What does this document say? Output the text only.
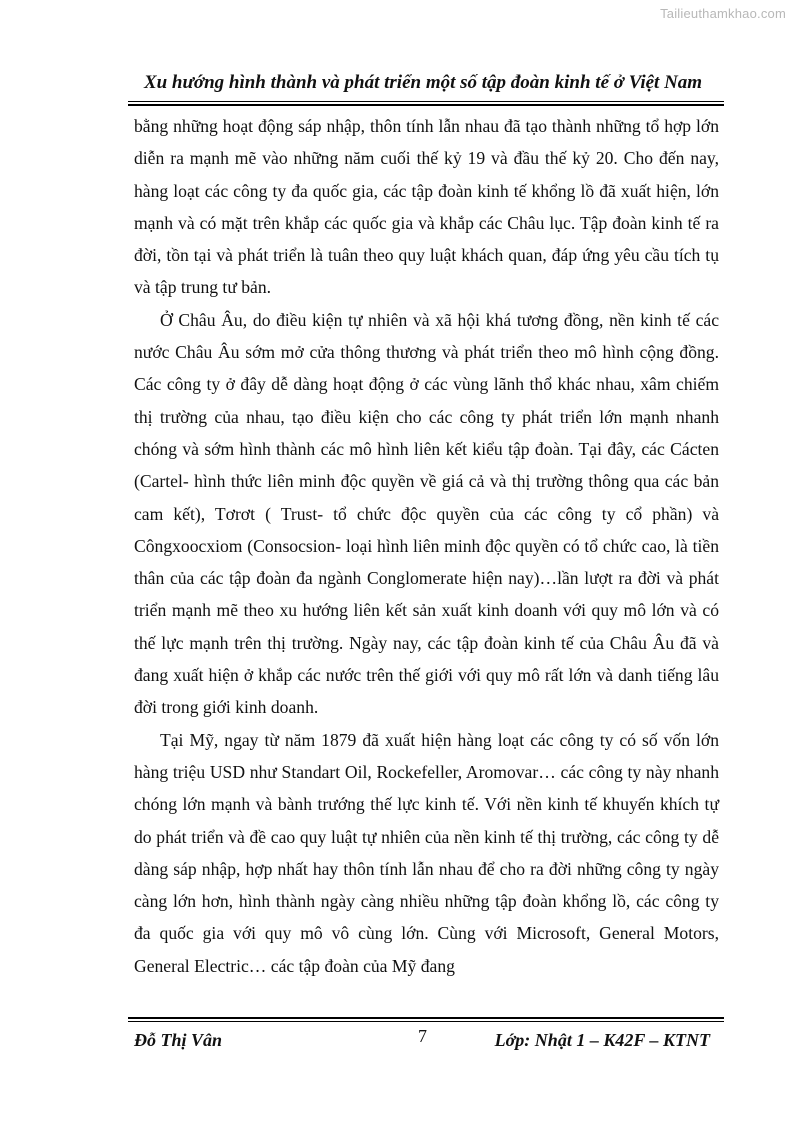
Tailieuthamkhao.com
Xu hướng hình thành và phát triển một số tập đoàn kinh tế ở Việt Nam

bằng những hoạt động sáp nhập, thôn tính lẫn nhau đã tạo thành những tổ hợp lớn diễn ra mạnh mẽ vào những năm cuối thế kỷ 19 và đầu thế kỷ 20. Cho đến nay, hàng loạt các công ty đa quốc gia, các tập đoàn kinh tế khổng lồ đã xuất hiện, lớn mạnh và có mặt trên khắp các quốc gia và khắp các Châu lục. Tập đoàn kinh tế ra đời, tồn tại và phát triển là tuân theo quy luật khách quan, đáp ứng yêu cầu tích tụ và tập trung tư bản.

Ở Châu Âu, do điều kiện tự nhiên và xã hội khá tương đồng, nền kinh tế các nước Châu Âu sớm mở cửa thông thương và phát triển theo mô hình cộng đồng. Các công ty ở đây dễ dàng hoạt động ở các vùng lãnh thổ khác nhau, xâm chiếm thị trường của nhau, tạo điều kiện cho các công ty phát triển lớn mạnh nhanh chóng và sớm hình thành các mô hình liên kết kiểu tập đoàn. Tại đây, các Cácten (Cartel- hình thức liên minh độc quyền về giá cả và thị trường thông qua các bản cam kết), Tơrơt ( Trust- tổ chức độc quyền của các công ty cổ phần) và Côngxoocxiom (Consocsion- loại hình liên minh độc quyền có tổ chức cao, là tiền thân của các tập đoàn đa ngành Conglomerate hiện nay)…lần lượt ra đời và phát triển mạnh mẽ theo xu hướng liên kết sản xuất kinh doanh với quy mô lớn và có thế lực mạnh trên thị trường. Ngày nay, các tập đoàn kinh tế của Châu Âu đã và đang xuất hiện ở khắp các nước trên thế giới với quy mô rất lớn và danh tiếng lâu đời trong giới kinh doanh.

Tại Mỹ, ngay từ năm 1879 đã xuất hiện hàng loạt các công ty có số vốn lớn hàng triệu USD như Standart Oil, Rockefeller, Aromovar… các công ty này nhanh chóng lớn mạnh và bành trướng thế lực kinh tế. Với nền kinh tế khuyến khích tự do phát triển và đề cao quy luật tự nhiên của nền kinh tế thị trường, các công ty dễ dàng sáp nhập, hợp nhất hay thôn tính lẫn nhau để cho ra đời những công ty ngày càng lớn hơn, hình thành ngày càng nhiều những tập đoàn khổng lồ, các công ty đa quốc gia với quy mô vô cùng lớn. Cùng với Microsoft, General Motors, General Electric… các tập đoàn của Mỹ đang

Đỗ Thị Vân	7	Lớp: Nhật 1 – K42F – KTNT
